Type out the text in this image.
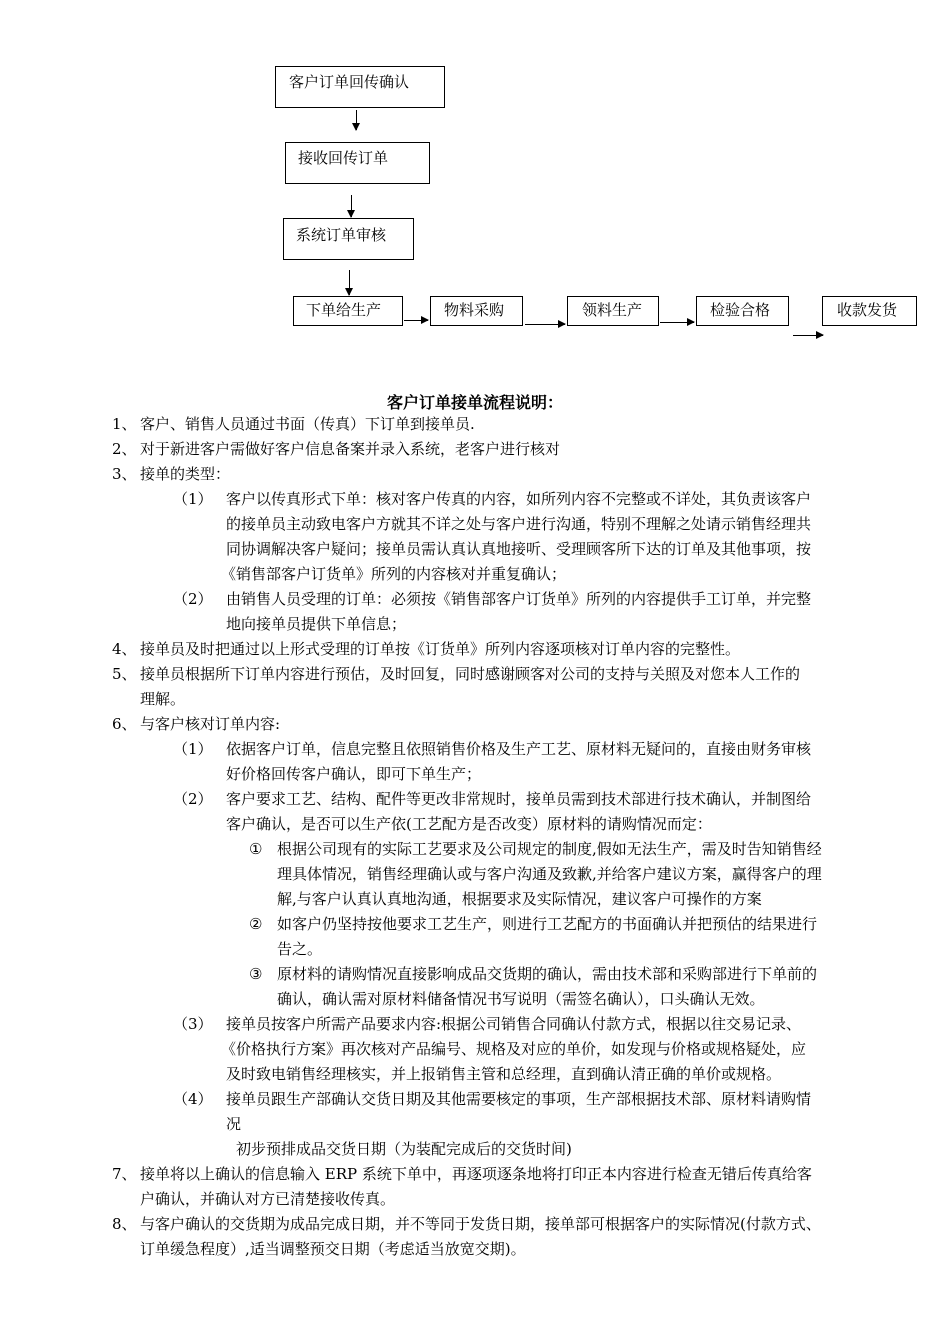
客户订单回传确认
接收回传订单
系统订单审核
下单给生产	物料采购	领料生产	检验合格	收款发货
客户订单接单流程说明：
1、 客户、销售人员通过书面（传真）下订单到接单员.
2、 对于新进客户需做好客户信息备案并录入系统，老客户进行核对
3、 接单的类型：
（1） 客户以传真形式下单：核对客户传真的内容，如所列内容不完整或不详处，其负责该客户
的接单员主动致电客户方就其不详之处与客户进行沟通，特别不理解之处请示销售经理共
同协调解决客户疑问；接单员需认真认真地接听、受理顾客所下达的订单及其他事项，按
《销售部客户订货单》所列的内容核对并重复确认；
（2） 由销售人员受理的订单：必须按《销售部客户订货单》所列的内容提供手工订单，并完整
地向接单员提供下单信息；
4、 接单员及时把通过以上形式受理的订单按《订货单》所列内容逐项核对订单内容的完整性。
5、 接单员根据所下订单内容进行预估，及时回复，同时感谢顾客对公司的支持与关照及对您本人工作的
理解。
6、 与客户核对订单内容:
（1） 依据客户订单，信息完整且依照销售价格及生产工艺、原材料无疑问的，直接由财务审核
好价格回传客户确认，即可下单生产；
（2） 客户要求工艺、结构、配件等更改非常规时，接单员需到技术部进行技术确认，并制图给
客户确认，是否可以生产依(工艺配方是否改变）原材料的请购情况而定：
① 根据公司现有的实际工艺要求及公司规定的制度,假如无法生产，需及时告知销售经
理具体情况，销售经理确认或与客户沟通及致歉,并给客户建议方案，赢得客户的理
解,与客户认真认真地沟通，根据要求及实际情况，建议客户可操作的方案
② 如客户仍坚持按他要求工艺生产，则进行工艺配方的书面确认并把预估的结果进行
告之。
③ 原材料的请购情况直接影响成品交货期的确认，需由技术部和采购部进行下单前的
确认，确认需对原材料储备情况书写说明（需签名确认），口头确认无效。
（3） 接单员按客户所需产品要求内容:根据公司销售合同确认付款方式，根据以往交易记录、
《价格执行方案》再次核对产品编号、规格及对应的单价，如发现与价格或规格疑处，应
及时致电销售经理核实，并上报销售主管和总经理，直到确认清正确的单价或规格。
（4） 接单员跟生产部确认交货日期及其他需要核定的事项，生产部根据技术部、原材料请购情
况
初步预排成品交货日期（为装配完成后的交货时间)
7、 接单将以上确认的信息输入 ERP 系统下单中，再逐项逐条地将打印正本内容进行检查无错后传真给客
户确认，并确认对方已清楚接收传真。
8、 与客户确认的交货期为成品完成日期，并不等同于发货日期，接单部可根据客户的实际情况(付款方式、
订单缓急程度）,适当调整预交日期（考虑适当放宽交期)。
